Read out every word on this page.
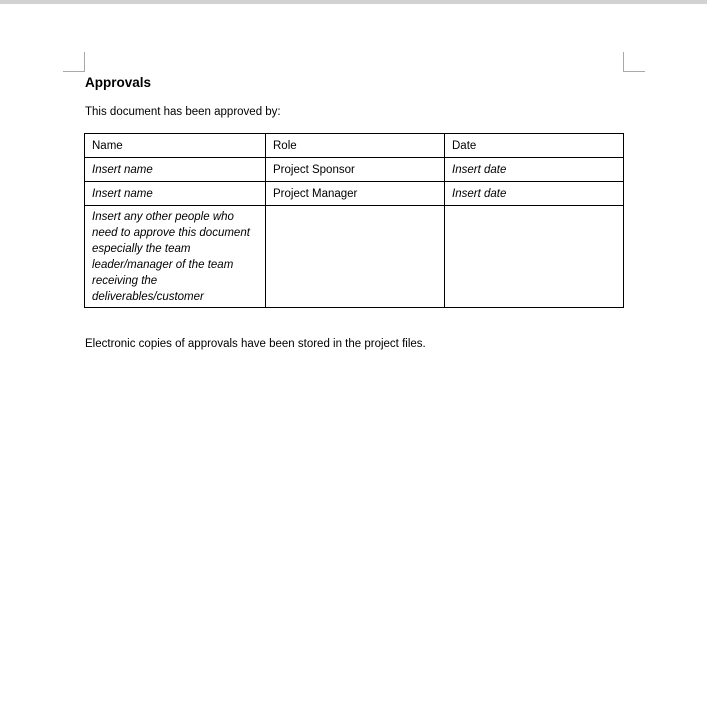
Approvals

This document has been approved by:

Name	Role	Date
Insert name	Project Sponsor	Insert date
Insert name	Project Manager	Insert date
Insert any other people who need to approve this document especially the team leader/manager of the team receiving the deliverables/customer		

Electronic copies of approvals have been stored in the project files.
